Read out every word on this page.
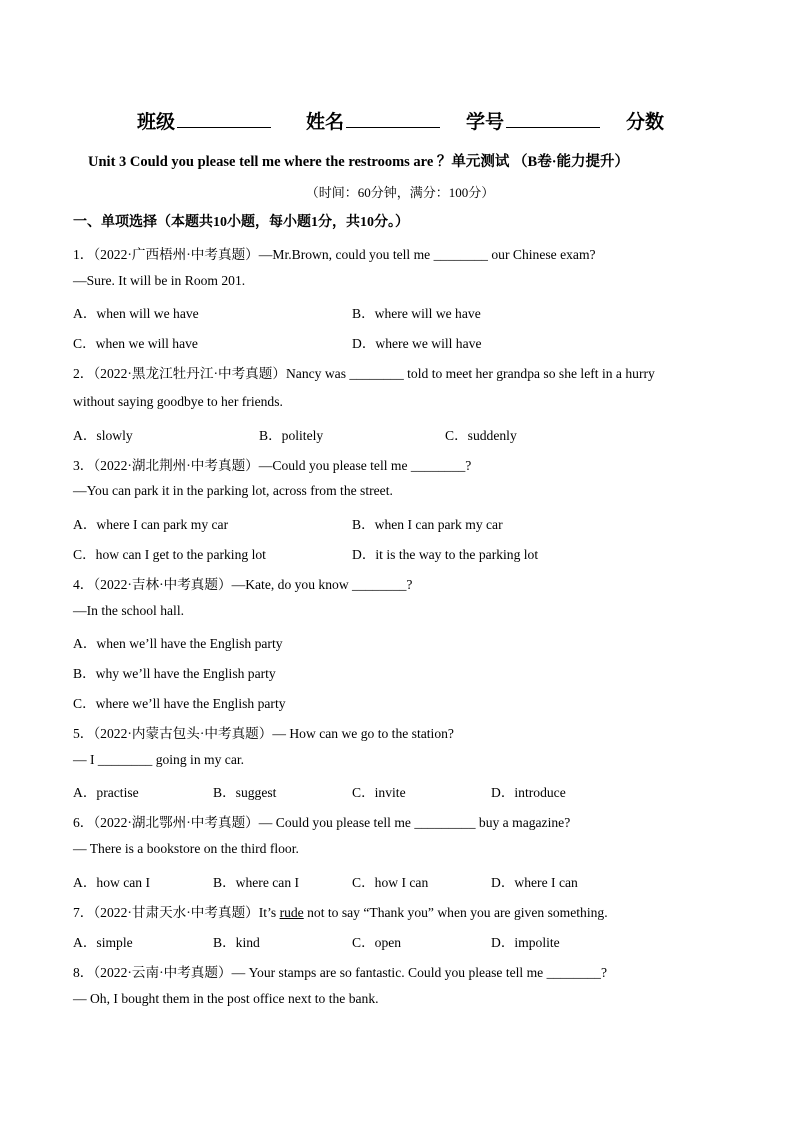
班级	姓名	学号	分数
Unit 3 Could you please tell me where the restrooms are ？单元测试 （B卷·能力提升）
（时间：60分钟，满分：100分）
一、单项选择（本题共10小题，每小题1分，共10分。）
1．（2022·广西梧州·中考真题）—Mr.Brown, could you tell me ________ our Chinese exam?
—Sure. It will be in Room 201.
A．when will we have	B．where will we have
C．when we will have	D．where we will have
2．（2022·黑龙江牡丹江·中考真题）Nancy was ________ told to meet her grandpa so she left in a hurry
without saying goodbye to her friends.
A．slowly	B．politely	C．suddenly
3．（2022·湖北荆州·中考真题）—Could you please tell me ________?
—You can park it in the parking lot, across from the street.
A．where I can park my car	B．when I can park my car
C．how can I get to the parking lot	D．it is the way to the parking lot
4．（2022·吉林·中考真题）—Kate, do you know ________?
—In the school hall.
A．when we’ll have the English party
B．why we’ll have the English party
C．where we’ll have the English party
5．（2022·内蒙古包头·中考真题）— How can we go to the station?
— I ________ going in my car.
A．practise	B．suggest	C．invite	D．introduce
6．（2022·湖北鄂州·中考真题）— Could you please tell me _________ buy a magazine?
— There is a bookstore on the third floor.
A．how can I	B．where can I	C．how I can	D．where I can
7．（2022·甘肃天水·中考真题）It’s rude not to say “Thank you” when you are given something.
A．simple	B．kind	C．open	D．impolite
8．（2022·云南·中考真题）— Your stamps are so fantastic. Could you please tell me ________?
— Oh, I bought them in the post office next to the bank.
